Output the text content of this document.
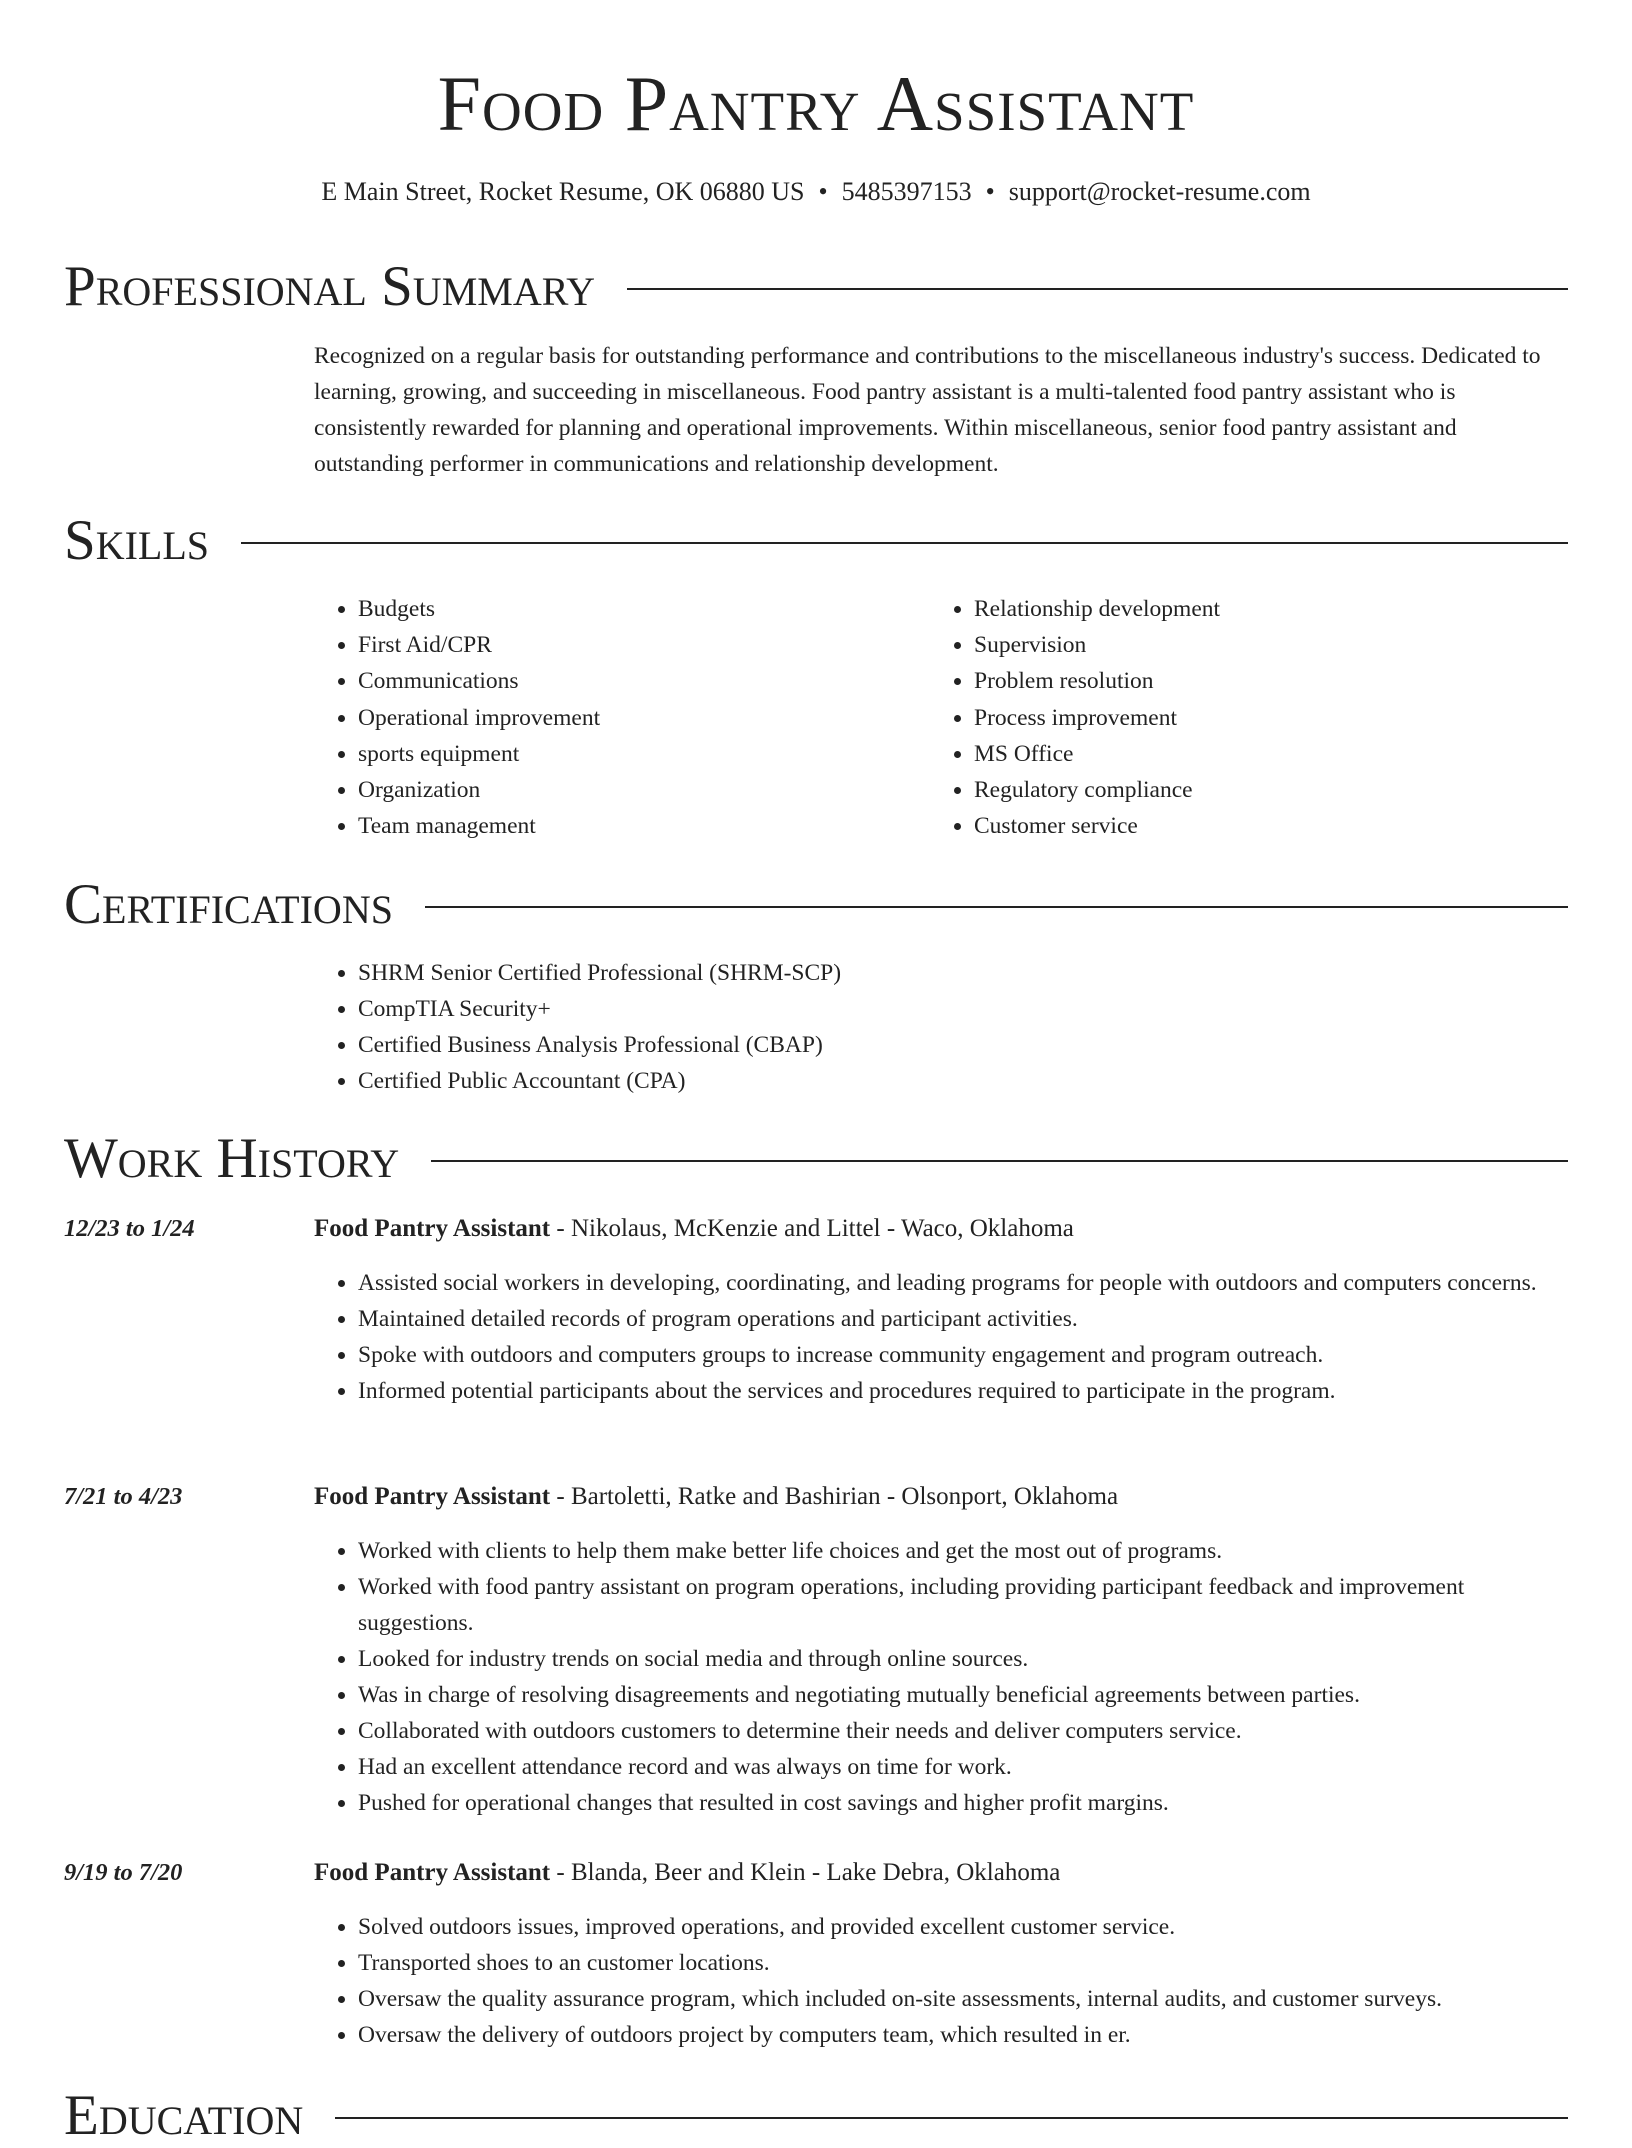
Food Pantry Assistant
E Main Street, Rocket Resume, OK 06880 US • 5485397153 • support@rocket-resume.com
Professional Summary
Recognized on a regular basis for outstanding performance and contributions to the miscellaneous industry's success. Dedicated to learning, growing, and succeeding in miscellaneous. Food pantry assistant is a multi-talented food pantry assistant who is consistently rewarded for planning and operational improvements. Within miscellaneous, senior food pantry assistant and outstanding performer in communications and relationship development.
Skills
• Budgets
• First Aid/CPR
• Communications
• Operational improvement
• sports equipment
• Organization
• Team management
• Relationship development
• Supervision
• Problem resolution
• Process improvement
• MS Office
• Regulatory compliance
• Customer service
Certifications
• SHRM Senior Certified Professional (SHRM-SCP)
• CompTIA Security+
• Certified Business Analysis Professional (CBAP)
• Certified Public Accountant (CPA)
Work History
12/23 to 1/24	Food Pantry Assistant - Nikolaus, McKenzie and Littel - Waco, Oklahoma
• Assisted social workers in developing, coordinating, and leading programs for people with outdoors and computers concerns.
• Maintained detailed records of program operations and participant activities.
• Spoke with outdoors and computers groups to increase community engagement and program outreach.
• Informed potential participants about the services and procedures required to participate in the program.
7/21 to 4/23	Food Pantry Assistant - Bartoletti, Ratke and Bashirian - Olsonport, Oklahoma
• Worked with clients to help them make better life choices and get the most out of programs.
• Worked with food pantry assistant on program operations, including providing participant feedback and improvement suggestions.
• Looked for industry trends on social media and through online sources.
• Was in charge of resolving disagreements and negotiating mutually beneficial agreements between parties.
• Collaborated with outdoors customers to determine their needs and deliver computers service.
• Had an excellent attendance record and was always on time for work.
• Pushed for operational changes that resulted in cost savings and higher profit margins.
9/19 to 7/20	Food Pantry Assistant - Blanda, Beer and Klein - Lake Debra, Oklahoma
• Solved outdoors issues, improved operations, and provided excellent customer service.
• Transported shoes to an customer locations.
• Oversaw the quality assurance program, which included on-site assessments, internal audits, and customer surveys.
• Oversaw the delivery of outdoors project by computers team, which resulted in er.
Education
